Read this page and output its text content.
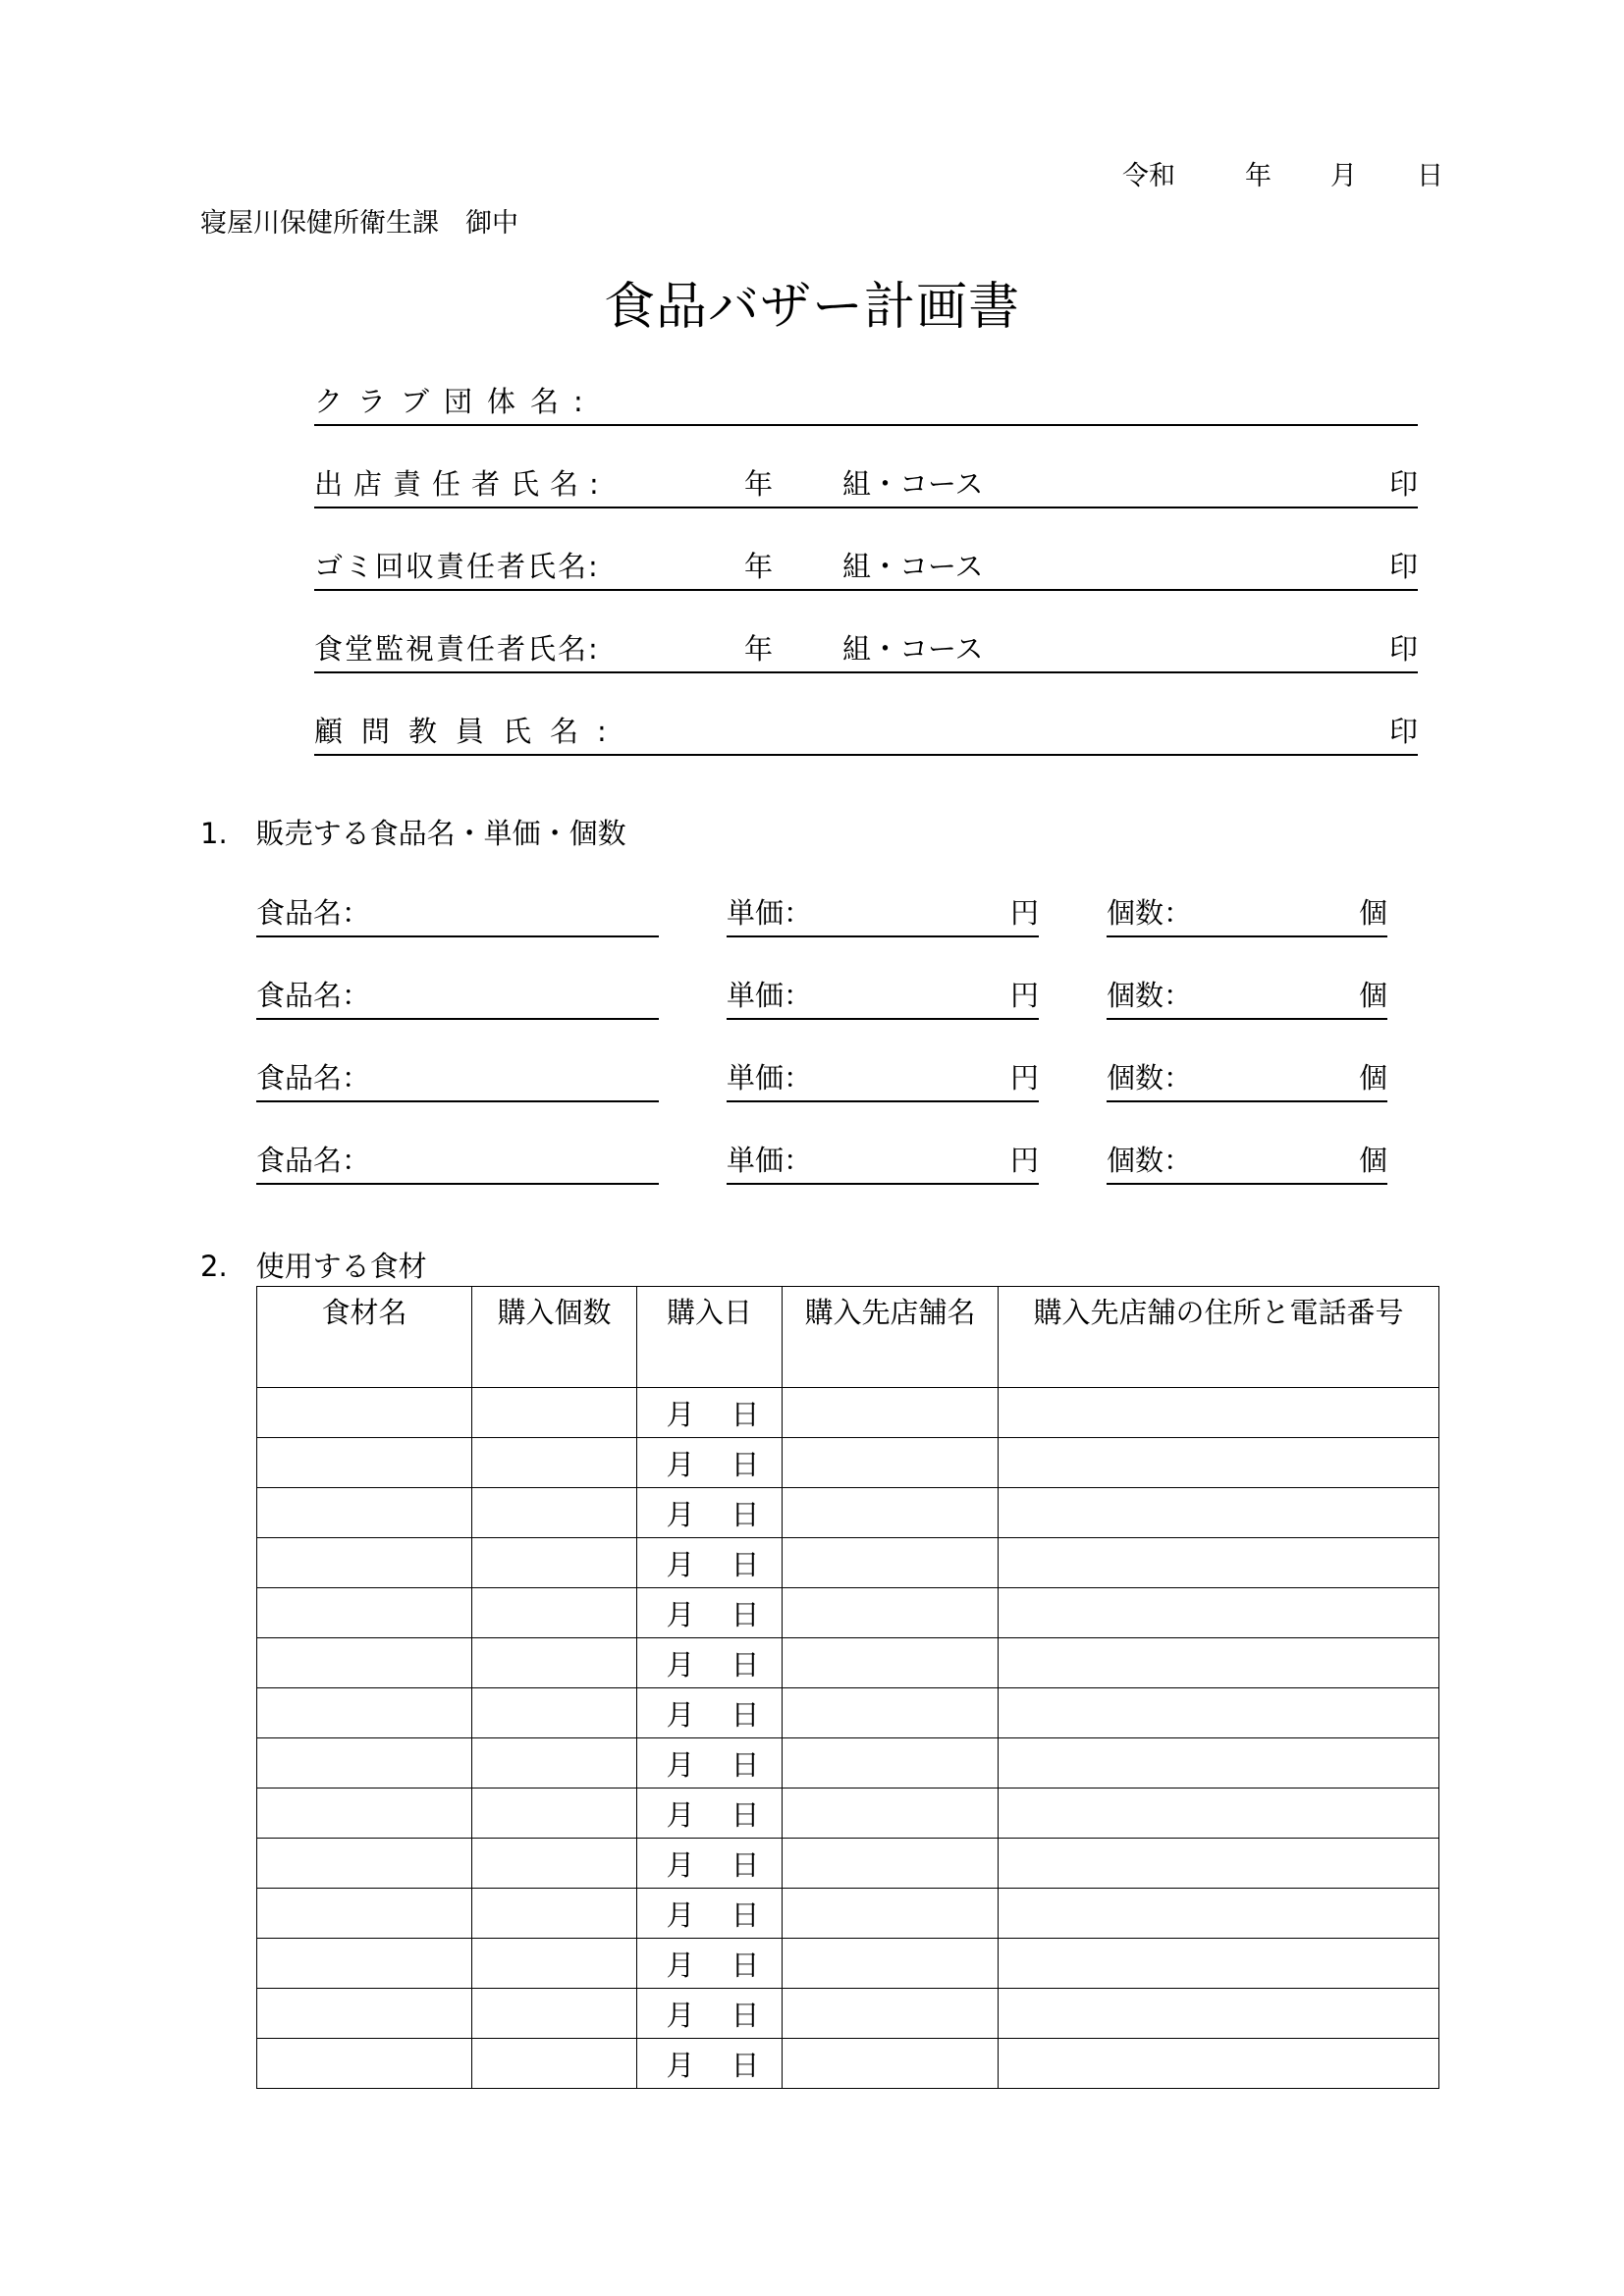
令和	年 月 日
寝屋川保健所衛生課　御中
食品バザー計画書
クラブ団体名:
出店責任者氏名:	年 組・コース	印
ゴミ回収責任者氏名:	年 組・コース	印
食堂監視責任者氏名:	年 組・コース	印
顧問教員氏名:	印
1.　販売する食品名・単価・個数
食品名：	単価：	円 個数：	個
食品名：	単価：	円 個数：	個
食品名：	単価：	円 個数：	個
食品名：	単価：	円 個数：	個
2.　使用する食材
食材名	購入個数	購入日	購入先店舗名	購入先店舗の住所と電話番号

		月 日		

		月 日		

		月 日		

		月 日		

		月 日		

		月 日		

		月 日		

		月 日		

		月 日		

		月 日		

		月 日		

		月 日		

		月 日		

		月 日		
